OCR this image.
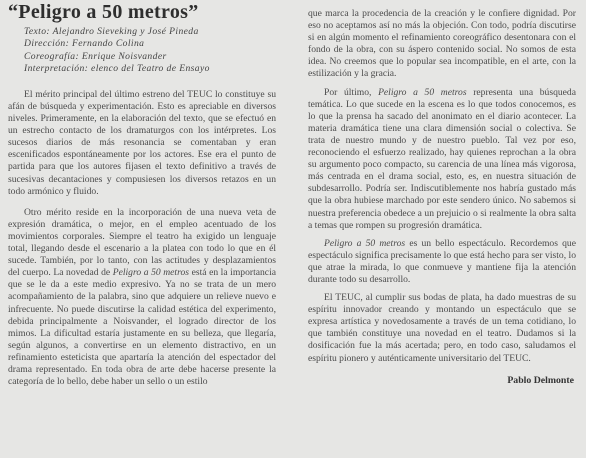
“Peligro a 50 metros”
Texto: Alejandro Sieveking y José Pineda
Dirección: Fernando Colina
Coreografía: Enrique Noisvander
Interpretación: elenco del Teatro de Ensayo

El mérito principal del último estreno del TEUC lo constituye su afán de búsqueda y experimentación. Esto es apreciable en diversos niveles. Primeramente, en la elaboración del texto, que se efectuó en un estrecho contacto de los dramaturgos con los intérpretes. Los sucesos diarios de más resonancia se comentaban y eran escenificados espontáneamente por los actores. Ese era el punto de partida para que los autores fijasen el texto definitivo a través de sucesivas decantaciones y compusiesen los diversos retazos en un todo armónico y fluido.

Otro mérito reside en la incorporación de una nueva veta de expresión dramática, o mejor, en el empleo acentuado de los movimientos corporales. Siempre el teatro ha exigido un lenguaje total, llegando desde el escenario a la platea con todo lo que en él sucede. También, por lo tanto, con las actitudes y desplazamientos del cuerpo. La novedad de Peligro a 50 metros está en la importancia que se le da a este medio expresivo. Ya no se trata de un mero acompañamiento de la palabra, sino que adquiere un relieve nuevo e infrecuente. No puede discutirse la calidad estética del experimento, debida principalmente a Noisvander, el logrado director de los mimos. La dificultad estaría justamente en su belleza, que llegaría, según algunos, a convertirse en un elemento distractivo, en un refinamiento esteticista que apartaría la atención del espectador del drama representado. En toda obra de arte debe hacerse presente la categoría de lo bello, debe haber un sello o un estilo

que marca la procedencia de la creación y le confiere dignidad. Por eso no aceptamos así no más la objeción. Con todo, podría discutirse si en algún momento el refinamiento coreográfico desentonara con el fondo de la obra, con su áspero contenido social. No somos de esta idea. No creemos que lo popular sea incompatible, en el arte, con la estilización y la gracia.

Por último, Peligro a 50 metros representa una búsqueda temática. Lo que sucede en la escena es lo que todos conocemos, es lo que la prensa ha sacado del anonimato en el diario acontecer. La materia dramática tiene una clara dimensión social o colectiva. Se trata de nuestro mundo y de nuestro pueblo. Tal vez por eso, reconociendo el esfuerzo realizado, hay quienes reprochan a la obra su argumento poco compacto, su carencia de una línea más vigorosa, más centrada en el drama social, esto, es, en nuestra situación de subdesarrollo. Podría ser. Indiscutiblemente nos habría gustado más que la obra hubiese marchado por este sendero único. No sabemos si nuestra preferencia obedece a un prejuicio o si realmente la obra salta a temas que rompen su progresión dramática.

Peligro a 50 metros es un bello espectáculo. Recordemos que espectáculo significa precisamente lo que está hecho para ser visto, lo que atrae la mirada, lo que conmueve y mantiene fija la atención durante todo su desarrollo.

El TEUC, al cumplir sus bodas de plata, ha dado muestras de su espíritu innovador creando y montando un espectáculo que se expresa artística y novedosamente a través de un tema cotidiano, lo que también constituye una novedad en el teatro. Dudamos si la dosificación fue la más acertada; pero, en todo caso, saludamos el espíritu pionero y auténticamente universitario del TEUC.

Pablo Delmonte
